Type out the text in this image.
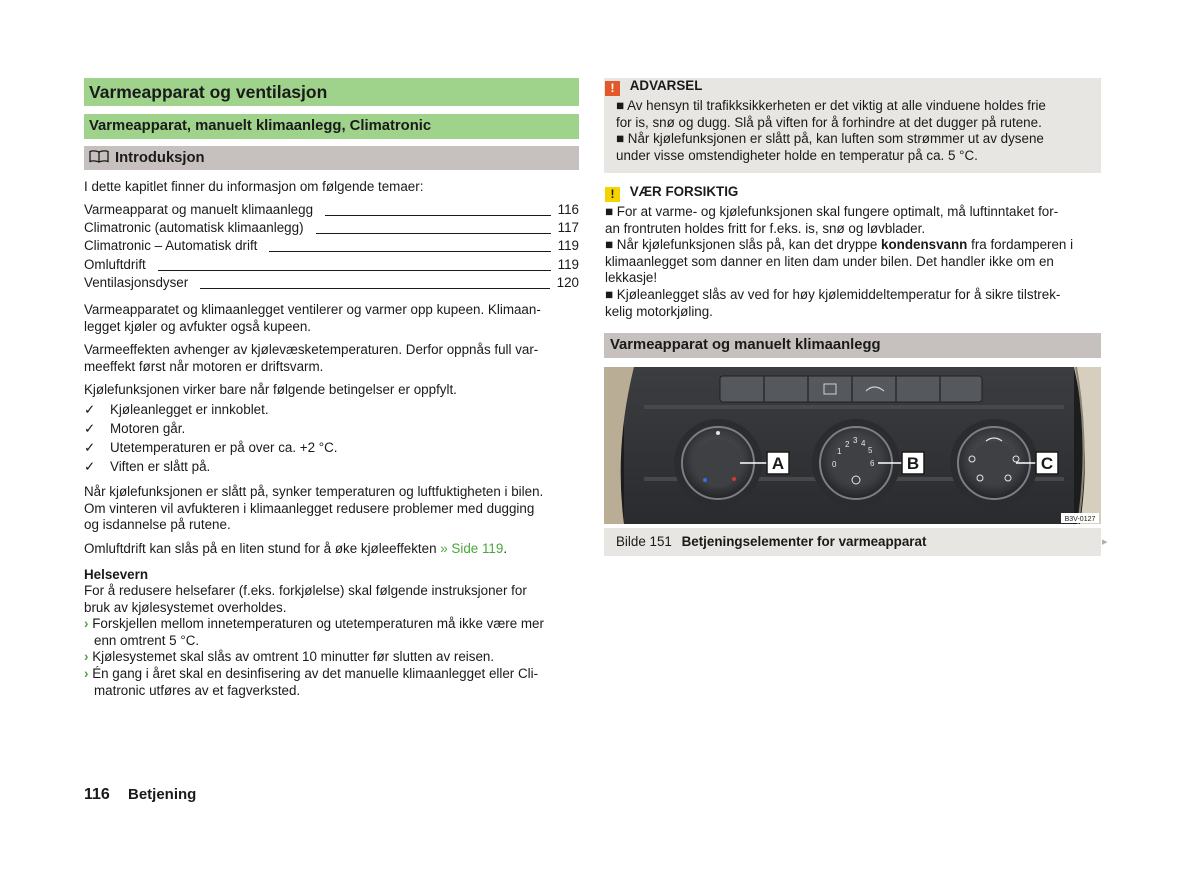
Varmeapparat og ventilasjon
Varmeapparat, manuelt klimaanlegg, Climatronic
Introduksjon
I dette kapitlet finner du informasjon om følgende temaer:
Varmeapparat og manuelt klimaanlegg	116
Climatronic (automatisk klimaanlegg)	117
Climatronic – Automatisk drift	119
Omluftdrift	119
Ventilasjonsdyser	120
Varmeapparatet og klimaanlegget ventilerer og varmer opp kupeen. Klimaan-
legget kjøler og avfukter også kupeen.
Varmeeffekten avhenger av kjølevæsketemperaturen. Derfor oppnås full var-
meeffekt først når motoren er driftsvarm.
Kjølefunksjonen virker bare når følgende betingelser er oppfylt.
✓ Kjøleanlegget er innkoblet.
✓ Motoren går.
✓ Utetemperaturen er på over ca. +2 °C.
✓ Viften er slått på.
Når kjølefunksjonen er slått på, synker temperaturen og luftfuktigheten i bilen.
Om vinteren vil avfukteren i klimaanlegget redusere problemer med dugging
og isdannelse på rutene.
Omluftdrift kan slås på en liten stund for å øke kjøleeffekten » Side 119.
Helsevern
For å redusere helsefarer (f.eks. forkjølelse) skal følgende instruksjoner for
bruk av kjølesystemet overholdes.
› Forskjellen mellom innetemperaturen og utetemperaturen må ikke være mer
enn omtrent 5 °C.
› Kjølesystemet skal slås av omtrent 10 minutter før slutten av reisen.
› Én gang i året skal en desinfisering av det manuelle klimaanlegget eller Cli-
matronic utføres av et fagverksted.
! ADVARSEL
■ Av hensyn til trafikksikkerheten er det viktig at alle vinduene holdes frie
for is, snø og dugg. Slå på viften for å forhindre at det dugger på rutene.
■ Når kjølefunksjonen er slått på, kan luften som strømmer ut av dysene
under visse omstendigheter holde en temperatur på ca. 5 °C.
! VÆR FORSIKTIG
■ For at varme- og kjølefunksjonen skal fungere optimalt, må luftinntaket for-
an frontruten holdes fritt for f.eks. is, snø og løvblader.
■ Når kjølefunksjonen slås på, kan det dryppe kondensvann fra fordamperen i
klimaanlegget som danner en liten dam under bilen. Det handler ikke om en
lekkasje!
■ Kjøleanlegget slås av ved for høy kjølemiddeltemperatur for å sikre tilstrek-
kelig motorkjøling.
Varmeapparat og manuelt klimaanlegg
0
1
2 3 4
5
6
A	B	C
B3V-0127
Bilde 151 Betjeningselementer for varmeapparat	▸
116 Betjening
